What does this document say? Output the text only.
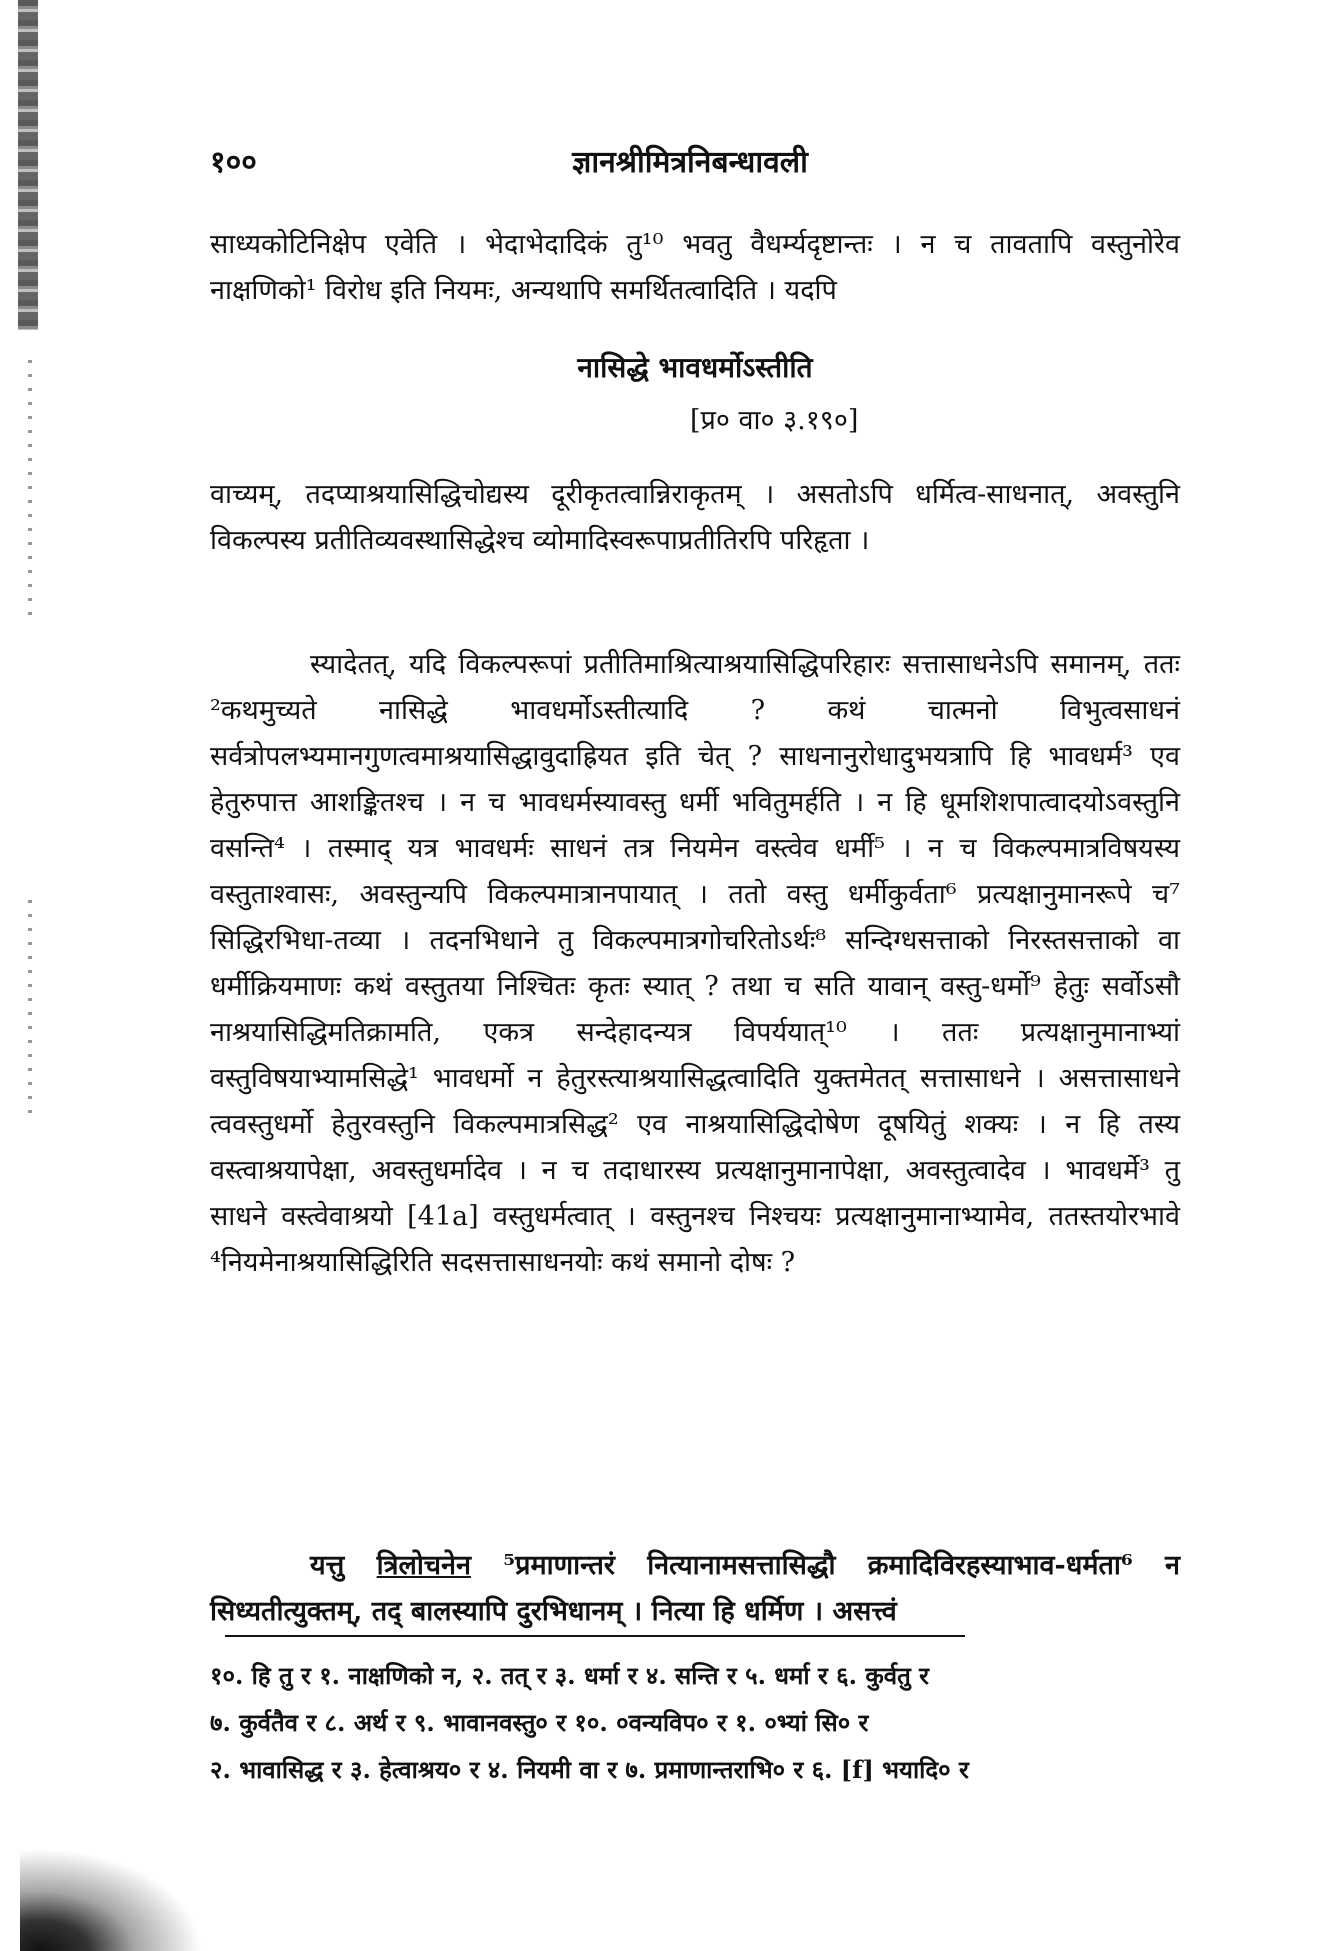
ज्ञानश्रीमित्रनिबन्धावली
१००

साध्यकोटिनिक्षेप एवेति । भेदाभेदादिकं तु¹⁰ भवतु वैधर्म्यदृष्टान्तः । न च तावतापि वस्तुनोरेव नाक्षणिको¹ विरोध इति नियमः, अन्यथापि समर्थितत्वादिति । यदपि

नासिद्धे भावधर्मोऽस्तीति
[प्र० वा० ३.१९०]

वाच्यम्, तदप्याश्रयासिद्धिचोद्यस्य दूरीकृतत्वान्निराकृतम् । असतोऽपि धर्मित्व-साधनात्, अवस्तुनि विकल्पस्य प्रतीतिव्यवस्थासिद्धेश्च व्योमादिस्वरूपाप्रतीतिरपि परिहृता ।

स्यादेतत्, यदि विकल्परूपां प्रतीतिमाश्रित्याश्रयासिद्धिपरिहारः सत्तासाधनेऽपि समानम्, ततः ²कथमुच्यते नासिद्धे भावधर्मोऽस्तीत्यादि ? कथं चात्मनो विभुत्वसाधनं सर्वत्रोपलभ्यमानगुणत्वमाश्रयासिद्धावुदाह्रियत इति चेत् ? साधनानुरोधादुभयत्रापि हि भावधर्म³ एव हेतुरुपात्त आशङ्कितश्च । न च भावधर्मस्यावस्तु धर्मी भवितुमर्हति । न हि धूमशिशपात्वादयोऽवस्तुनि वसन्ति⁴ । तस्माद् यत्र भावधर्मः साधनं तत्र नियमेन वस्त्वेव धर्मी⁵ । न च विकल्पमात्रविषयस्य वस्तुताश्वासः, अवस्तुन्यपि विकल्पमात्रानपायात् । ततो वस्तु धर्मीकुर्वता⁶ प्रत्यक्षानुमानरूपे च⁷ सिद्धिरभिधा-तव्या । तदनभिधाने तु विकल्पमात्रगोचरितोऽर्थः⁸ सन्दिग्धसत्ताको निरस्तसत्ताको वा धर्मीक्रियमाणः कथं वस्तुतया निश्चितः कृतः स्यात् ? तथा च सति यावान् वस्तु-धर्मो⁹ हेतुः सर्वोऽसौ नाश्रयासिद्धिमतिक्रामति, एकत्र सन्देहादन्यत्र विपर्ययात्¹⁰ । ततः प्रत्यक्षानुमानाभ्यां वस्तुविषयाभ्यामसिद्धे¹ भावधर्मो न हेतुरस्त्याश्रयासिद्धत्वादिति युक्तमेतत् सत्तासाधने । असत्तासाधने त्ववस्तुधर्मो हेतुरवस्तुनि विकल्पमात्रसिद्ध² एव नाश्रयासिद्धिदोषेण दूषयितुं शक्यः । न हि तस्य वस्त्वाश्रयापेक्षा, अवस्तुधर्मादेव । न च तदाधारस्य प्रत्यक्षानुमानापेक्षा, अवस्तुत्वादेव । भावधर्मे³ तु साधने वस्त्वेवाश्रयो [41a] वस्तुधर्मत्वात् । वस्तुनश्च निश्चयः प्रत्यक्षानुमानाभ्यामेव, ततस्तयोरभावे ⁴नियमेनाश्रयासिद्धिरिति सदसत्तासाधनयोः कथं समानो दोषः ?

यत्तु त्रिलोचनेन ⁵प्रमाणान्तरं नित्यानामसत्तासिद्धौ क्रमादिविरहस्याभाव-धर्मता⁶ न सिध्यतीत्युक्तम्, तद् बालस्यापि दुरभिधानम् । नित्या हि धर्मिण । असत्त्वं

१०. हि तु र १. नाक्षणिको न, २. तत् र ३. धर्मा र ४. सन्ति र ५. धर्मा र ६. कुर्वतु र
७. कुर्वतैव र ८. अर्थ र ९. भावानवस्तु० र १०. ०वन्यविप० र १. ०भ्यां सि० र
२. भावासिद्ध र ३. हेत्वाश्रय० र ४. नियमी वा र ७. प्रमाणान्तराभि० र ६. [f] भयादि० र
